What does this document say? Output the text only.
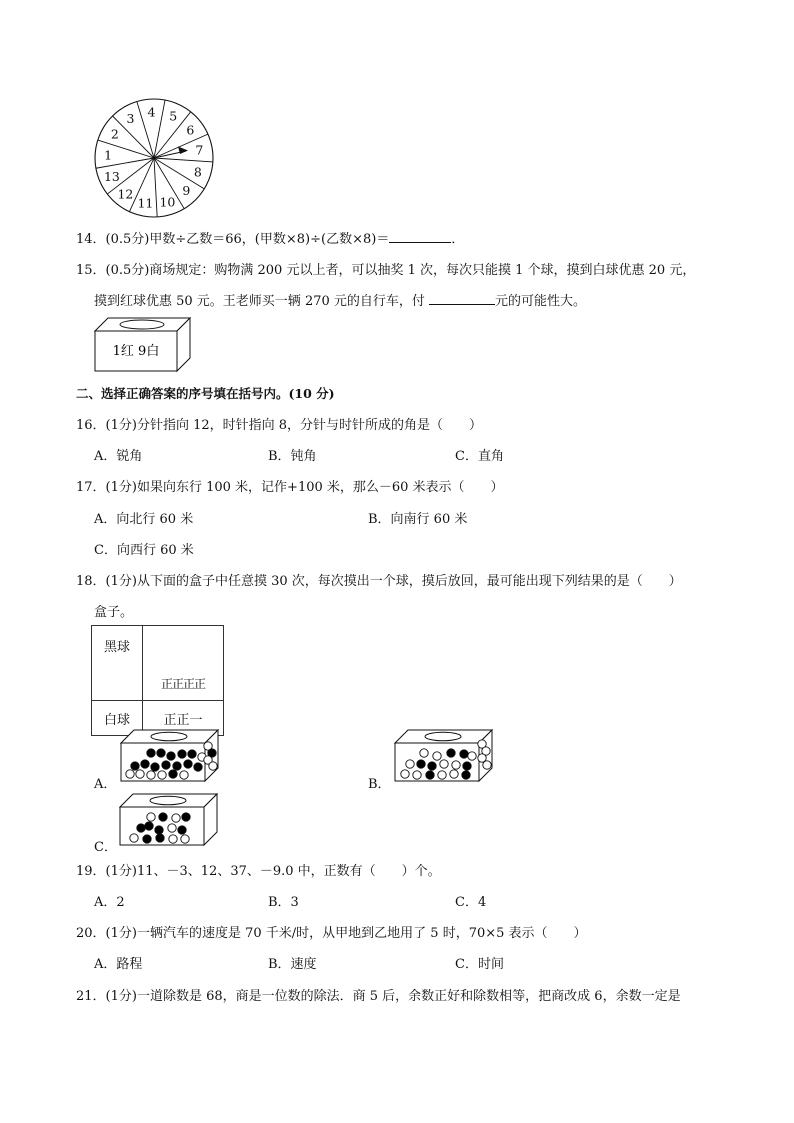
1
2
3 4 5
6
7
8
9
10
11
12
13
14．(0.5分)甲数÷乙数＝66，(甲数×8)÷(乙数×8)＝	．
15．(0.5分)商场规定：购物满 200 元以上者，可以抽奖 1 次，每次只能摸 1 个球，摸到白球优惠 20 元，
摸到红球优惠 50 元。王老师买一辆 270 元的自行车，付	元的可能性大。
1红 9白
二、选择正确答案的序号填在括号内。(10 分)
16．(1分)分针指向 12，时针指向 8，分针与时针所成的角是（　　）
A．锐角	B．钝角	C．直角
17．(1分)如果向东行 100 米，记作+100 米，那么－60 米表示（　　）
A．向北行 60 米	B．向南行 60 米
C．向西行 60 米
18．(1分)从下面的盒子中任意摸 30 次，每次摸出一个球，摸后放回，最可能出现下列结果的是（　　）
盒子。
黑球	正正正正
白球	正正一
A．	B．
C．
19．(1分)11、－3、12、37、－9.0 中，正数有（　　）个。
A．2	B．3	C．4
20．(1分)一辆汽车的速度是 70 千米/时，从甲地到乙地用了 5 时，70×5 表示（　　）
A．路程	B．速度	C．时间
21．(1分)一道除数是 68，商是一位数的除法．商 5 后，余数正好和除数相等，把商改成 6，余数一定是
